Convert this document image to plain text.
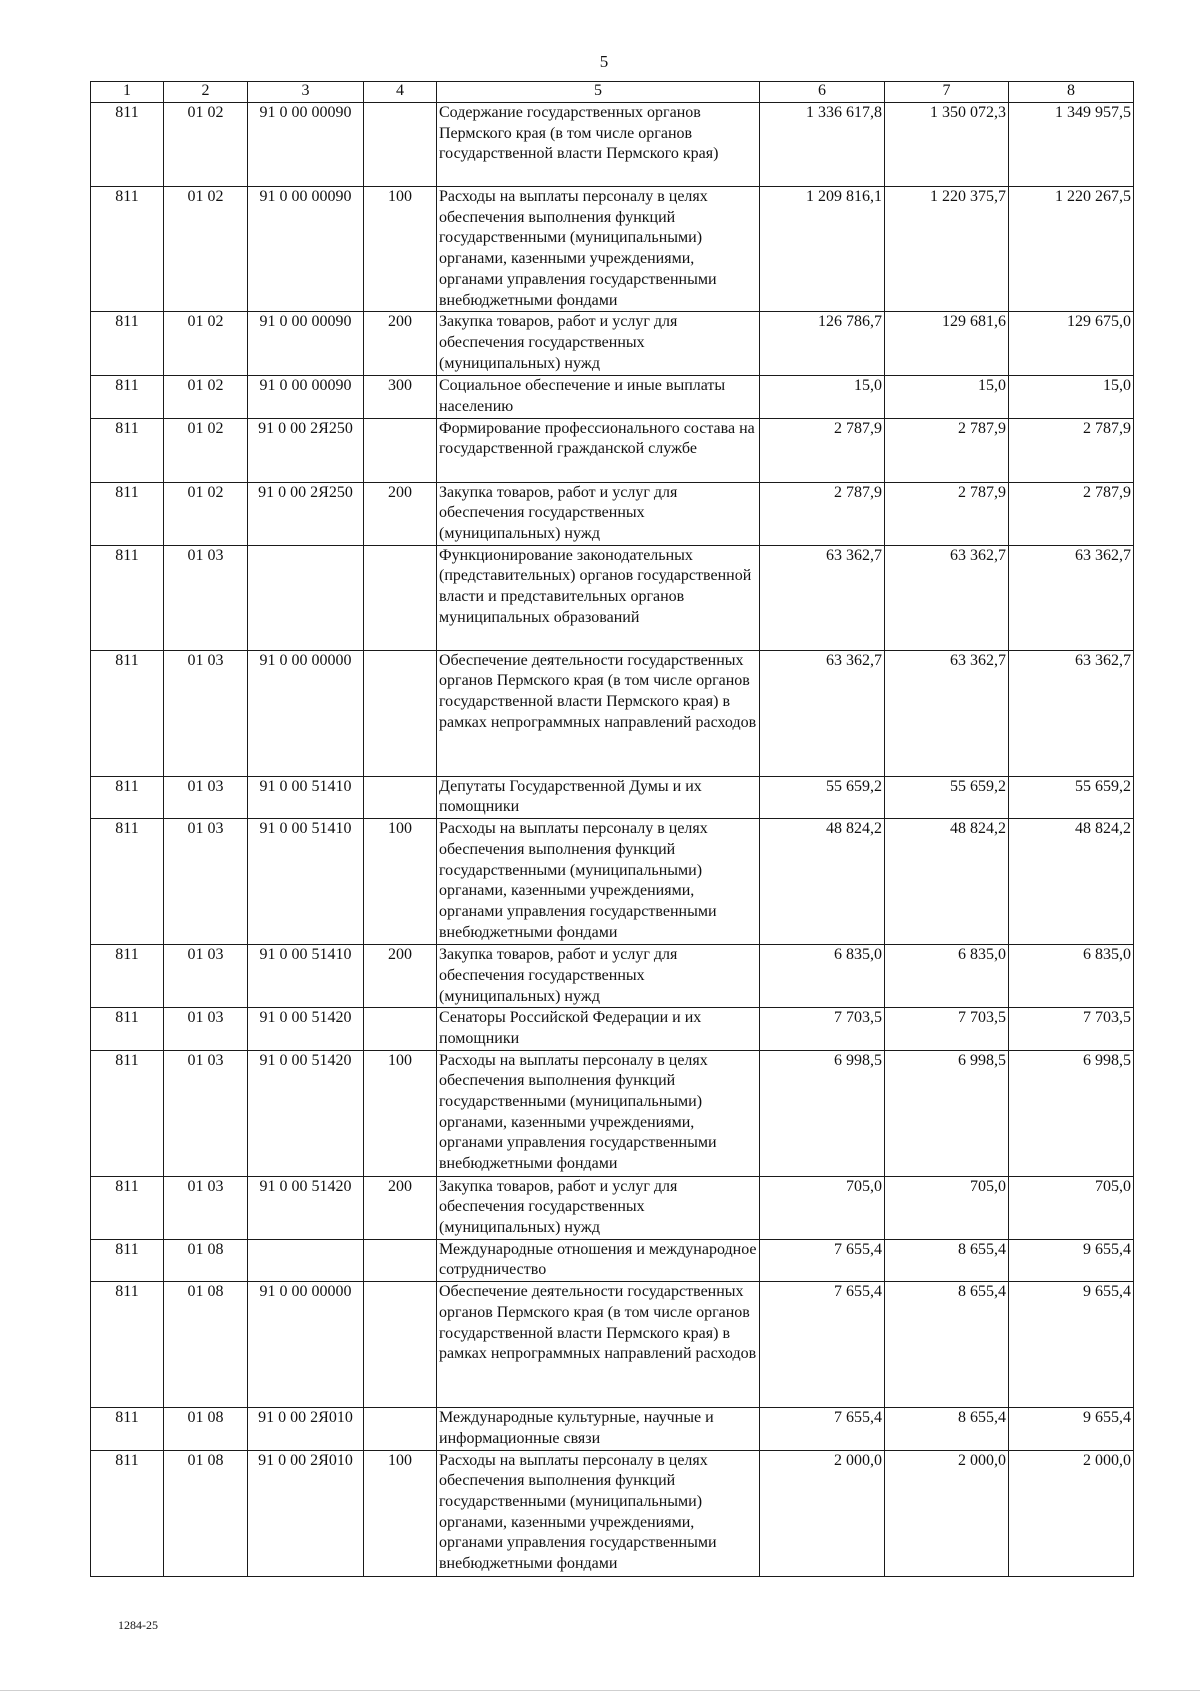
5
1	2	3	4	5	6	7	8
811	01 02	91 0 00 00090		Содержание государственных органов Пермского края (в том числе органов государственной власти Пермского края)	1 336 617,8	1 350 072,3	1 349 957,5
811	01 02	91 0 00 00090	100	Расходы на выплаты персоналу в целях обеспечения выполнения функций государственными (муниципальными) органами, казенными учреждениями, органами управления государственными внебюджетными фондами	1 209 816,1	1 220 375,7	1 220 267,5
811	01 02	91 0 00 00090	200	Закупка товаров, работ и услуг для обеспечения государственных (муниципальных) нужд	126 786,7	129 681,6	129 675,0
811	01 02	91 0 00 00090	300	Социальное обеспечение и иные выплаты населению	15,0	15,0	15,0
811	01 02	91 0 00 2Я250		Формирование профессионального состава на государственной гражданской службе	2 787,9	2 787,9	2 787,9
811	01 02	91 0 00 2Я250	200	Закупка товаров, работ и услуг для обеспечения государственных (муниципальных) нужд	2 787,9	2 787,9	2 787,9
811	01 03			Функционирование законодательных (представительных) органов государственной власти и представительных органов муниципальных образований	63 362,7	63 362,7	63 362,7
811	01 03	91 0 00 00000		Обеспечение деятельности государственных органов Пермского края (в том числе органов государственной власти Пермского края) в рамках непрограммных направлений расходов	63 362,7	63 362,7	63 362,7
811	01 03	91 0 00 51410		Депутаты Государственной Думы и их помощники	55 659,2	55 659,2	55 659,2
811	01 03	91 0 00 51410	100	Расходы на выплаты персоналу в целях обеспечения выполнения функций государственными (муниципальными) органами, казенными учреждениями, органами управления государственными внебюджетными фондами	48 824,2	48 824,2	48 824,2
811	01 03	91 0 00 51410	200	Закупка товаров, работ и услуг для обеспечения государственных (муниципальных) нужд	6 835,0	6 835,0	6 835,0
811	01 03	91 0 00 51420		Сенаторы Российской Федерации и их помощники	7 703,5	7 703,5	7 703,5
811	01 03	91 0 00 51420	100	Расходы на выплаты персоналу в целях обеспечения выполнения функций государственными (муниципальными) органами, казенными учреждениями, органами управления государственными внебюджетными фондами	6 998,5	6 998,5	6 998,5
811	01 03	91 0 00 51420	200	Закупка товаров, работ и услуг для обеспечения государственных (муниципальных) нужд	705,0	705,0	705,0
811	01 08			Международные отношения и международное сотрудничество	7 655,4	8 655,4	9 655,4
811	01 08	91 0 00 00000		Обеспечение деятельности государственных органов Пермского края (в том числе органов государственной власти Пермского края) в рамках непрограммных направлений расходов	7 655,4	8 655,4	9 655,4
811	01 08	91 0 00 2Я010		Международные культурные, научные и информационные связи	7 655,4	8 655,4	9 655,4
811	01 08	91 0 00 2Я010	100	Расходы на выплаты персоналу в целях обеспечения выполнения функций государственными (муниципальными) органами, казенными учреждениями, органами управления государственными внебюджетными фондами	2 000,0	2 000,0	2 000,0
1284-25
